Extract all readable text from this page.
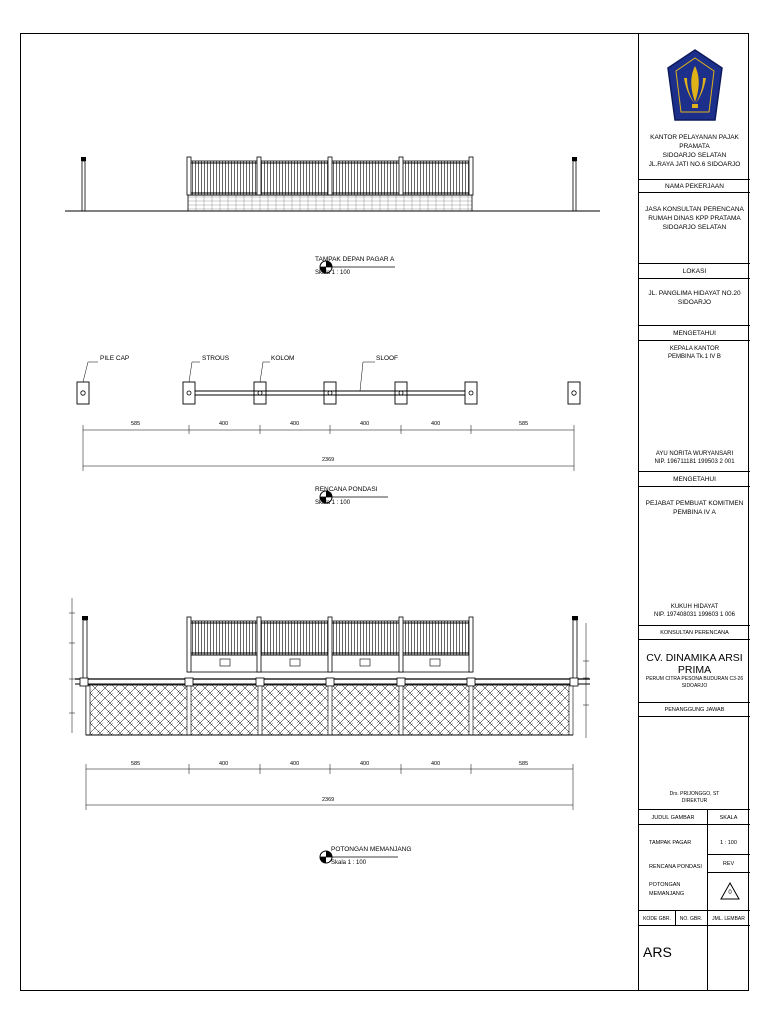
TAMPAK DEPAN PAGAR A
Skala 1 : 100
PILE CAP	STROUS	KOLOM	SLOOF
585	400	400	400	400	585
2369
RENCANA PONDASI
Skala 1 : 100
585	400	400	400	400	585
2369
POTONGAN MEMANJANG
Skala 1 : 100
KANTOR PELAYANAN PAJAK PRAMATA
SIDOARJO SELATAN
JL.RAYA JATI NO.6 SIDOARJO
NAMA PEKERJAAN
JASA KONSULTAN PERENCANA
RUMAH DINAS KPP PRATAMA
SIDOARJO SELATAN
LOKASI
JL. PANGLIMA HIDAYAT NO.20
SIDOARJO
MENGETAHUI
KEPALA KANTOR
PEMBINA Tk.1 IV B
AYU NORITA WURYANSARI
NIP. 196711181 199503 2 001
MENGETAHUI
PEJABAT PEMBUAT KOMITMEN
PEMBINA IV A
KUKUH HIDAYAT
NIP. 197408031 199603 1 006
KONSULTAN PERENCANA
CV. DINAMIKA ARSI PRIMA
PERUM CITRA PESONA BUDURAN C3-26
SIDOARJO
PENANGGUNG JAWAB
Drs. PRIJONGGO, ST
DIREKTUR
JUDUL GAMBAR	SKALA
TAMPAK PAGAR
RENCANA PONDASI
POTONGAN MEMANJANG
1 : 100
REV
0
KODE GBR.	NO. GBR.	JML. LEMBAR
ARS
